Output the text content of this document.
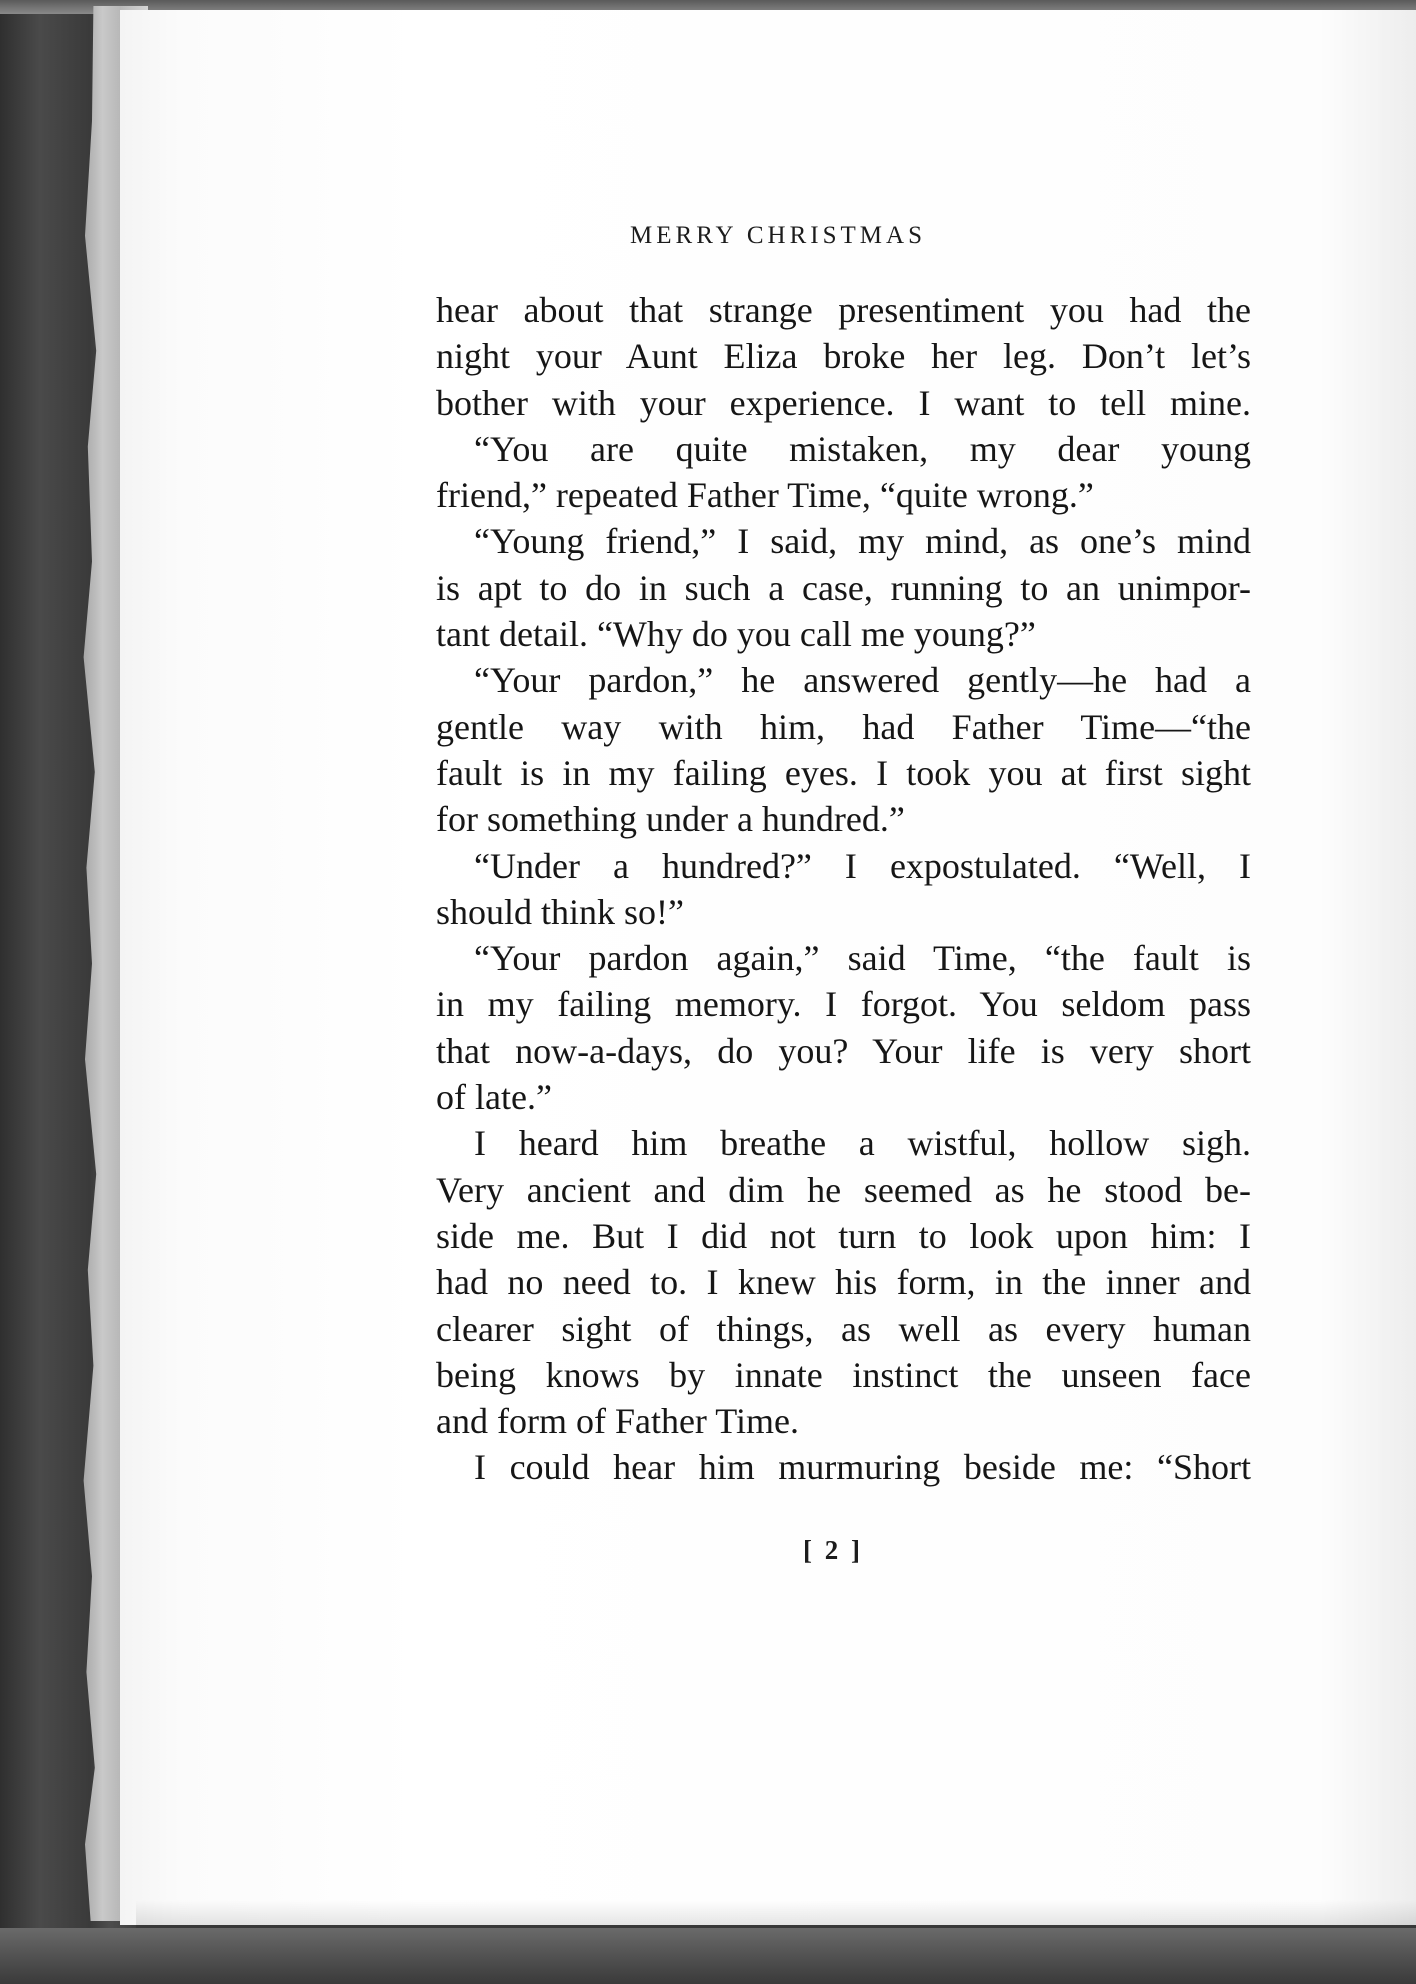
MERRY CHRISTMAS
hear about that strange presentiment you had the
night your Aunt Eliza broke her leg. Don’t let’s
bother with your experience. I want to tell mine.
“You are quite mistaken, my dear young
friend,” repeated Father Time, “quite wrong.”
“Young friend,” I said, my mind, as one’s mind
is apt to do in such a case, running to an unimpor-
tant detail. “Why do you call me young?”
“Your pardon,” he answered gently—he had a
gentle way with him, had Father Time—“the
fault is in my failing eyes. I took you at first sight
for something under a hundred.”
“Under a hundred?” I expostulated. “Well, I
should think so!”
“Your pardon again,” said Time, “the fault is
in my failing memory. I forgot. You seldom pass
that now-a-days, do you? Your life is very short
of late.”
I heard him breathe a wistful, hollow sigh.
Very ancient and dim he seemed as he stood be-
side me. But I did not turn to look upon him: I
had no need to. I knew his form, in the inner and
clearer sight of things, as well as every human
being knows by innate instinct the unseen face
and form of Father Time.
I could hear him murmuring beside me: “Short
[ 2 ]
